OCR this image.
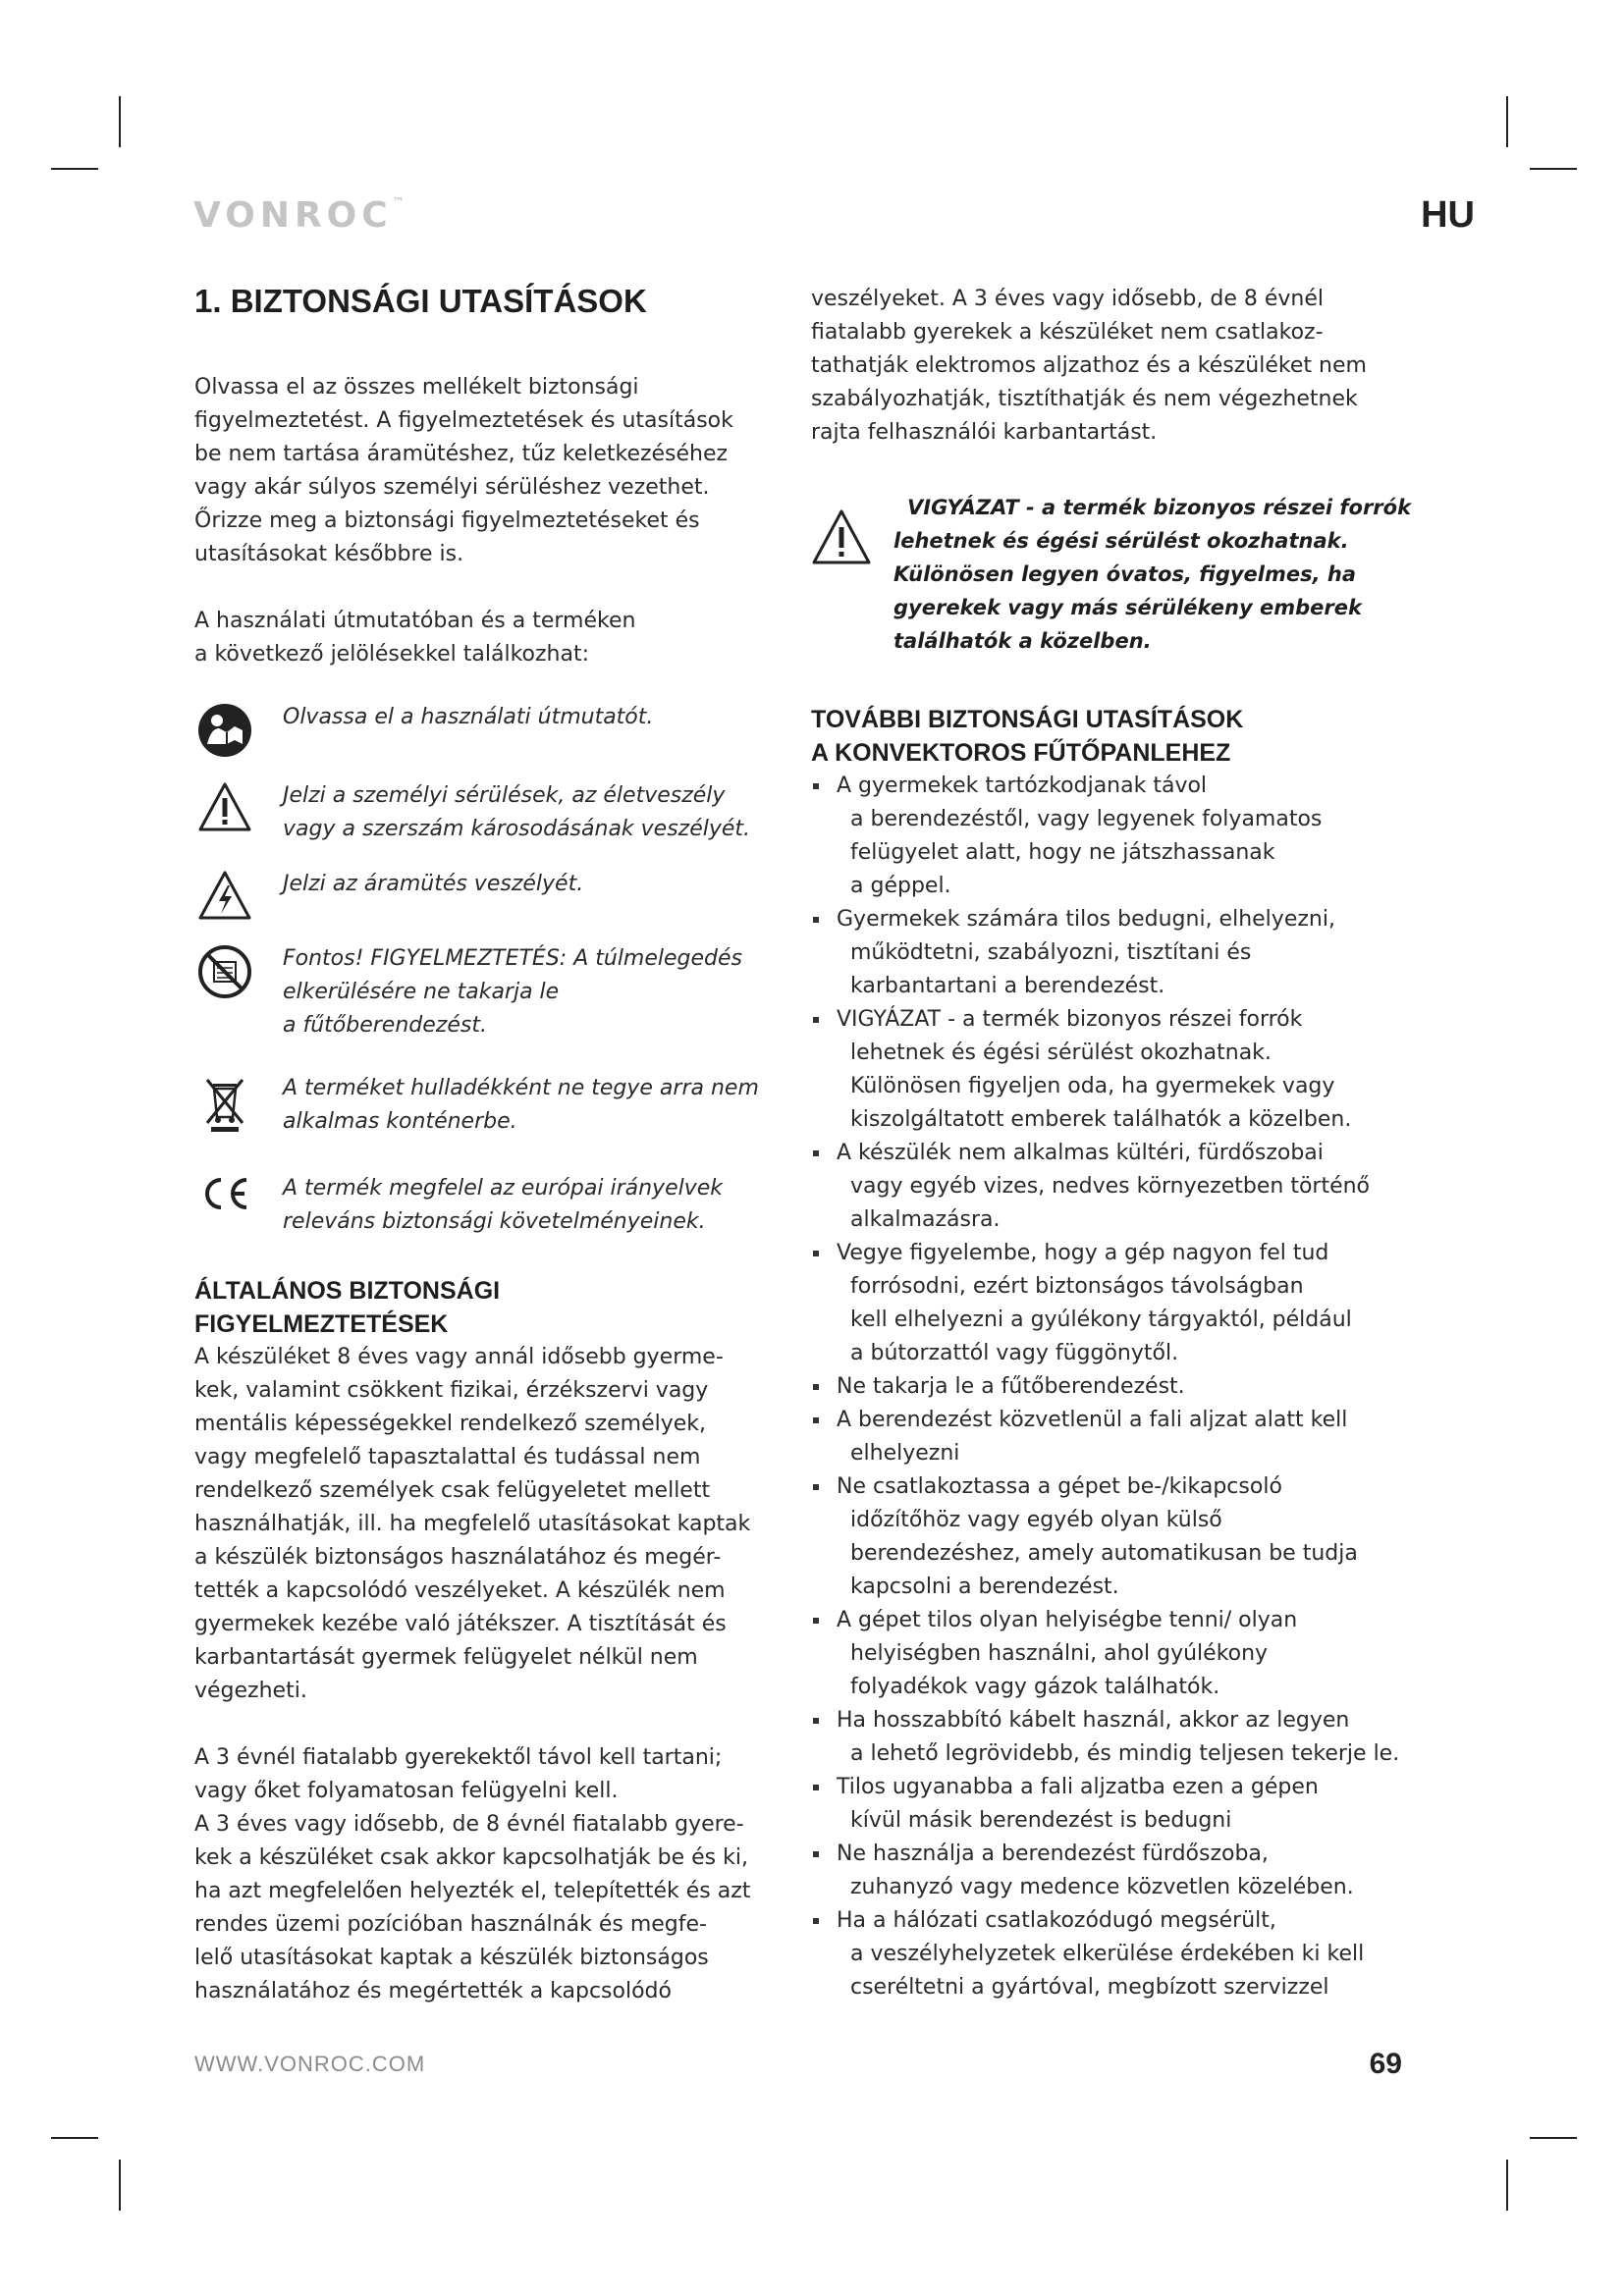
VONROC™	HU
1. BIZTONSÁGI UTASÍTÁSOK

Olvassa el az összes mellékelt biztonsági

figyelmeztetést. A figyelmeztetések és utasítások

be nem tartása áramütéshez, tűz keletkezéséhez

vagy akár súlyos személyi sérüléshez vezethet.

Őrizze meg a biztonsági figyelmeztetéseket és

utasításokat későbbre is.

A használati útmutatóban és a terméken

a következő jelölésekkel találkozhat:

Olvassa el a használati útmutatót.
Jelzi a személyi sérülések, az életveszély
vagy a szerszám károsodásának veszélyét.
Jelzi az áramütés veszélyét.
Fontos! FIGYELMEZTETÉS: A túlmelegedés
elkerülésére ne takarja le
a fűtőberendezést.
A terméket hulladékként ne tegye arra nem
alkalmas konténerbe.
A termék megfelel az európai irányelvek
releváns biztonsági követelményeinek.
ÁLTALÁNOS BIZTONSÁGI
FIGYELMEZTETÉSEK

A készüléket 8 éves vagy annál idősebb gyerme-

kek, valamint csökkent fizikai, érzékszervi vagy

mentális képességekkel rendelkező személyek,

vagy megfelelő tapasztalattal és tudással nem

rendelkező személyek csak felügyeletet mellett

használhatják, ill. ha megfelelő utasításokat kaptak

a készülék biztonságos használatához és megér-

tették a kapcsolódó veszélyeket. A készülék nem

gyermekek kezébe való játékszer. A tisztítását és

karbantartását gyermek felügyelet nélkül nem

végezheti.

A 3 évnél fiatalabb gyerekektől távol kell tartani;

vagy őket folyamatosan felügyelni kell.

A 3 éves vagy idősebb, de 8 évnél fiatalabb gyere-

kek a készüléket csak akkor kapcsolhatják be és ki,

ha azt megfelelően helyezték el, telepítették és azt

rendes üzemi pozícióban használnák és megfe-

lelő utasításokat kaptak a készülék biztonságos

használatához és megértették a kapcsolódó

veszélyeket. A 3 éves vagy idősebb, de 8 évnél

fiatalabb gyerekek a készüléket nem csatlakoz-

tathatják elektromos aljzathoz és a készüléket nem

szabályozhatják, tisztíthatják és nem végezhetnek

rajta felhasználói karbantartást.

VIGYÁZAT - a termék bizonyos részei forrók
lehetnek és égési sérülést okozhatnak.
Különösen legyen óvatos, figyelmes, ha
gyerekek vagy más sérülékeny emberek
találhatók a közelben.
TOVÁBBI BIZTONSÁGI UTASÍTÁSOK
A KONVEKTOROS FŰTŐPANLEHEZ
A gyermekek tartózkodjanak távol
a berendezéstől, vagy legyenek folyamatos
felügyelet alatt, hogy ne játszhassanak
a géppel.
Gyermekek számára tilos bedugni, elhelyezni,
működtetni, szabályozni, tisztítani és
karbantartani a berendezést.
VIGYÁZAT - a termék bizonyos részei forrók
lehetnek és égési sérülést okozhatnak.
Különösen figyeljen oda, ha gyermekek vagy
kiszolgáltatott emberek találhatók a közelben.
A készülék nem alkalmas kültéri, fürdőszobai
vagy egyéb vizes, nedves környezetben történő
alkalmazásra.
Vegye figyelembe, hogy a gép nagyon fel tud
forrósodni, ezért biztonságos távolságban
kell elhelyezni a gyúlékony tárgyaktól, például
a bútorzattól vagy függönytől.
Ne takarja le a fűtőberendezést.
A berendezést közvetlenül a fali aljzat alatt kell
elhelyezni
Ne csatlakoztassa a gépet be-/kikapcsoló
időzítőhöz vagy egyéb olyan külső
berendezéshez, amely automatikusan be tudja
kapcsolni a berendezést.
A gépet tilos olyan helyiségbe tenni/ olyan
helyiségben használni, ahol gyúlékony
folyadékok vagy gázok találhatók.
Ha hosszabbító kábelt használ, akkor az legyen
a lehető legrövidebb, és mindig teljesen tekerje le.
Tilos ugyanabba a fali aljzatba ezen a gépen
kívül másik berendezést is bedugni
Ne használja a berendezést fürdőszoba,
zuhanyzó vagy medence közvetlen közelében.
Ha a hálózati csatlakozódugó megsérült,
a veszélyhelyzetek elkerülése érdekében ki kell
cseréltetni a gyártóval, megbízott szervizzel
WWW.VONROC.COM	69
